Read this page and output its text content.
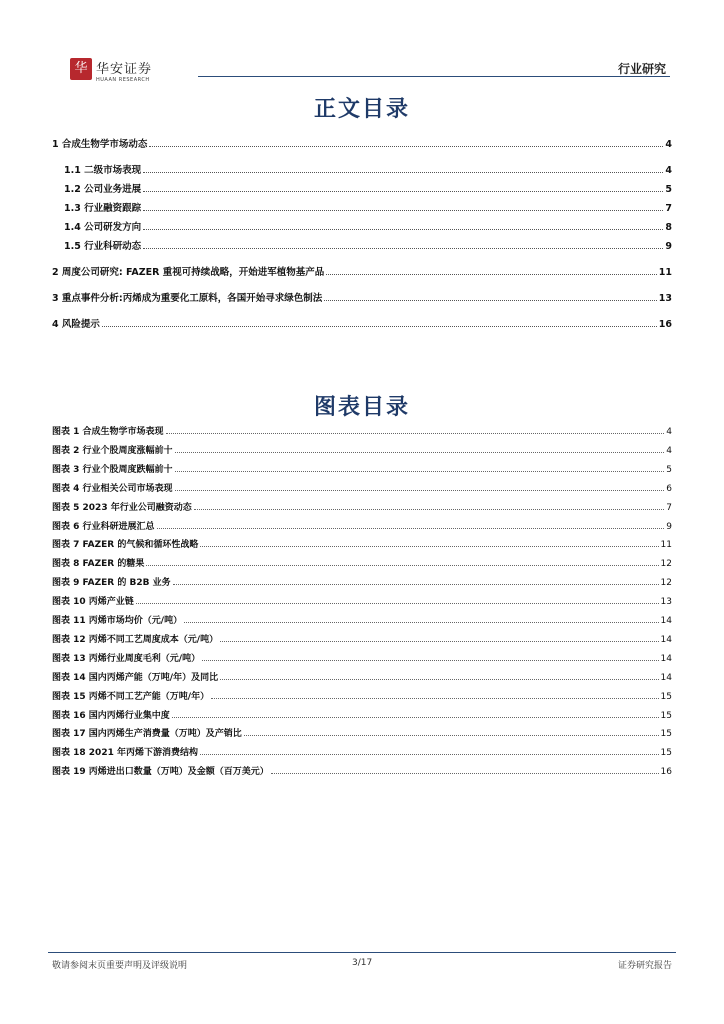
华 华安证券
HUAAN RESEARCH
行业研究
正文目录
1 合成生物学市场动态	4
1.1 二级市场表现	4
1.2 公司业务进展	5
1.3 行业融资跟踪	7
1.4 公司研发方向	8
1.5 行业科研动态	9
2 周度公司研究: FAZER 重视可持续战略，开始进军植物基产品	11
3 重点事件分析:丙烯成为重要化工原料，各国开始寻求绿色制法	13
4 风险提示	16
图表目录
图表 1 合成生物学市场表现	4
图表 2 行业个股周度涨幅前十	4
图表 3 行业个股周度跌幅前十	5
图表 4 行业相关公司市场表现	6
图表 5 2023 年行业公司融资动态	7
图表 6 行业科研进展汇总	9
图表 7 FAZER 的气候和循环性战略	11
图表 8 FAZER 的糖果	12
图表 9 FAZER 的 B2B 业务	12
图表 10 丙烯产业链	13
图表 11 丙烯市场均价（元/吨）	14
图表 12 丙烯不同工艺周度成本（元/吨）	14
图表 13 丙烯行业周度毛利（元/吨）	14
图表 14 国内丙烯产能（万吨/年）及同比	14
图表 15 丙烯不同工艺产能（万吨/年）	15
图表 16 国内丙烯行业集中度	15
图表 17 国内丙烯生产消费量（万吨）及产销比	15
图表 18 2021 年丙烯下游消费结构	15
图表 19 丙烯进出口数量（万吨）及金额（百万美元）	16
敬请参阅末页重要声明及评级说明	3/17	证券研究报告
